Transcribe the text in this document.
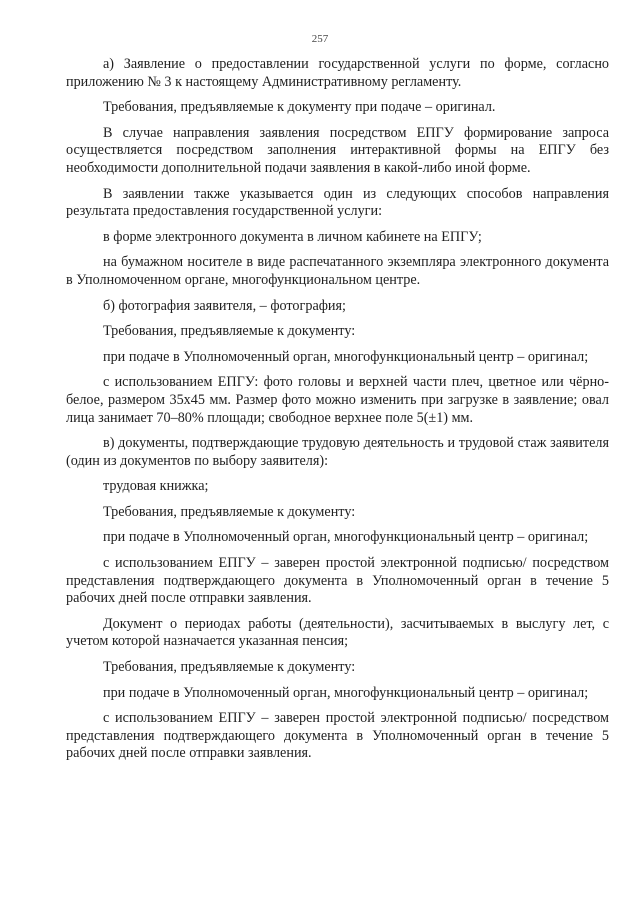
257

а) Заявление о предоставлении государственной услуги по форме, согласно приложению № 3 к настоящему Административному регламенту.

Требования, предъявляемые к документу при подаче – оригинал.

В случае направления заявления посредством ЕПГУ формирование запроса осуществляется посредством заполнения интерактивной формы на ЕПГУ без необходимости дополнительной подачи заявления в какой-либо иной форме.

В заявлении также указывается один из следующих способов направления результата предоставления государственной услуги:

в форме электронного документа в личном кабинете на ЕПГУ;

на бумажном носителе в виде распечатанного экземпляра электронного документа в Уполномоченном органе, многофункциональном центре.

б) фотография заявителя, – фотография;

Требования, предъявляемые к документу:

при подаче в Уполномоченный орган, многофункциональный центр – оригинал;

с использованием ЕПГУ: фото головы и верхней части плеч, цветное или чёрно-белое, размером 35х45 мм. Размер фото можно изменить при загрузке в заявление; овал лица занимает 70–80% площади; свободное верхнее поле 5(±1) мм.

в) документы, подтверждающие трудовую деятельность и трудовой стаж заявителя (один из документов по выбору заявителя):

трудовая книжка;

Требования, предъявляемые к документу:

при подаче в Уполномоченный орган, многофункциональный центр – оригинал;

с использованием ЕПГУ – заверен простой электронной подписью/ посредством представления подтверждающего документа в Уполномоченный орган в течение 5 рабочих дней после отправки заявления.

Документ о периодах работы (деятельности), засчитываемых в выслугу лет, с учетом которой назначается указанная пенсия;

Требования, предъявляемые к документу:

при подаче в Уполномоченный орган, многофункциональный центр – оригинал;

с использованием ЕПГУ – заверен простой электронной подписью/ посредством представления подтверждающего документа в Уполномоченный орган в течение 5 рабочих дней после отправки заявления.
